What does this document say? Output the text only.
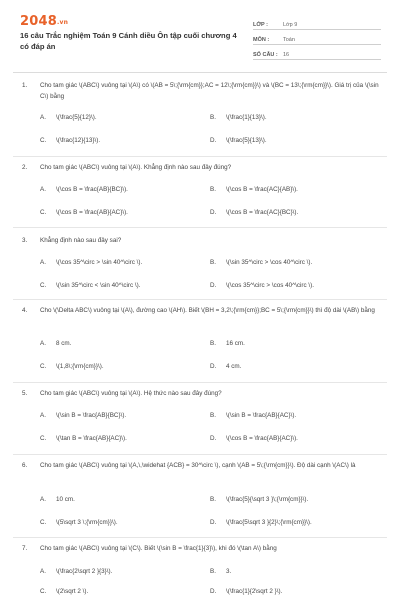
2048.vn
16 câu Trắc nghiệm Toán 9 Cánh diều Ôn tập cuối chương 4 có đáp án
LỚP :	Lớp 9
MÔN :	Toán
SỐ CÂU : 16
1. Cho tam giác \(ABC\) vuông tại \(A\) có \(AB = 5\;{\rm{cm}};AC = 12\;{\rm{cm}}\) và \(BC = 13\;{\rm{cm}}\). Giá trị của \(\sin C\) bằng
A. \(\frac{5}{12}\).	B. \(\frac{1}{13}\).
C. \(\frac{12}{13}\).	D. \(\frac{5}{13}\).
2. Cho tam giác \(ABC\) vuông tại \(A\). Khẳng định nào sau đây đúng?
A. \(\cos B = \frac{AB}{BC}\).	B. \(\cos B = \frac{AC}{AB}\).
C. \(\cos B = \frac{AB}{AC}\).	D. \(\cos B = \frac{AC}{BC}\).
3. Khẳng định nào sau đây sai?
A. \(\cos 35^\circ > \sin 40^\circ \).	B. \(\sin 35^\circ > \cos 40^\circ \).
C. \(\sin 35^\circ < \sin 40^\circ \).	D. \(\cos 35^\circ > \cos 40^\circ \).
4. Cho \(\Delta ABC\) vuông tại \(A\), đường cao \(AH\). Biết \(BH = 3,2\;{\rm{cm}};BC = 5\;{\rm{cm}}\) thì độ dài \(AB\) bằng
A. 8 cm.	B. 16 cm.
C. \(1,8\;{\rm{cm}}\).	D. 4 cm.
5. Cho tam giác \(ABC\) vuông tại \(A\). Hệ thức nào sau đây đúng?
A. \(\sin B = \frac{AB}{BC}\).	B. \(\sin B = \frac{AB}{AC}\).
C. \(\tan B = \frac{AB}{AC}\).	D. \(\cos B = \frac{AB}{AC}\).
6. Cho tam giác \(ABC\) vuông tại \(A,\,\widehat {ACB} = 30^\circ \), cạnh \(AB = 5\;{\rm{cm}}\). Độ dài cạnh \(AC\) là
A. 10 cm.	B. \(\frac{5}{\sqrt 3 }\;{\rm{cm}}\).
C. \(5\sqrt 3 \;{\rm{cm}}\).	D. \(\frac{5\sqrt 3 }{2}\;{\rm{cm}}\).
7. Cho tam giác \(ABC\) vuông tại \(C\). Biết \(\sin B = \frac{1}{3}\), khi đó \(\tan A\) bằng
A. \(\frac{2\sqrt 2 }{3}\).	B. 3.
C. \(2\sqrt 2 \).	D. \(\frac{1}{2\sqrt 2 }\).
